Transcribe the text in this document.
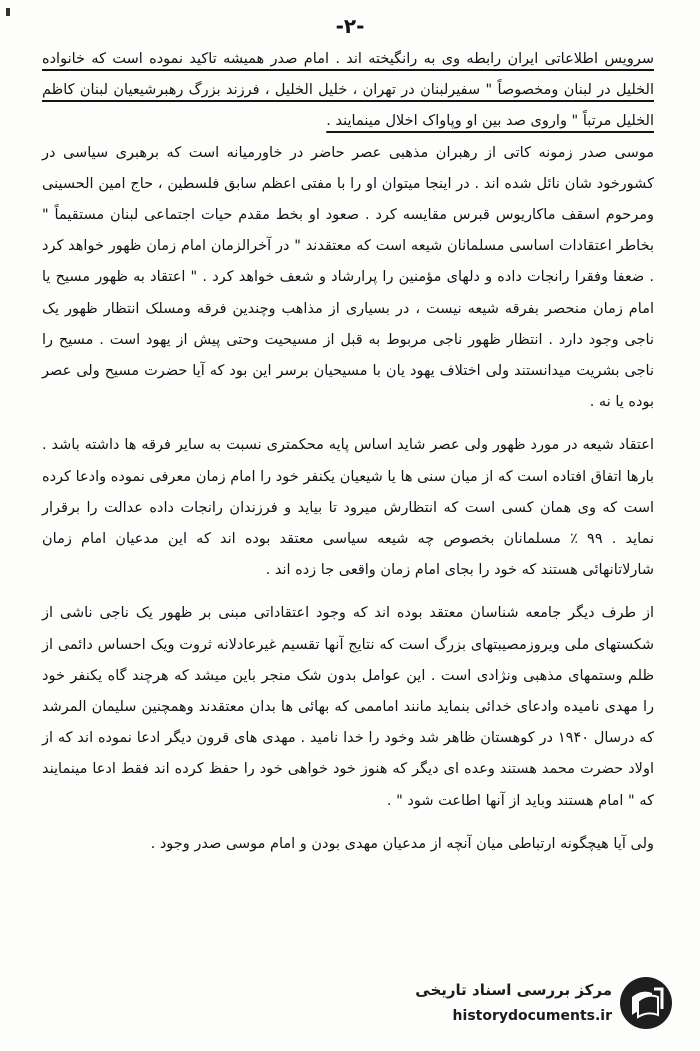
-۲-

سرویس اطلاعاتی ایران رابطه وی به رانگیخته اند . امام صدر همیشه تاکید نموده است که خانواده الخلیل در لبنان ومخصوصاً " سفیرلبنان در تهران ، خلیل الخلیل ، فرزند بزرگ رهبرشیعیان لبنان کاظم الخلیل مرتباً " واروی صد بین او وپاواک اخلال مینمایند .

موسی صدر زمونه کاتی از رهبران مذهبی عصر حاضر در خاورمیانه است که برهبری سیاسی در کشورخود شان نائل شده اند . در اینجا میتوان او را با مفتی اعظم سابق فلسطین ، حاج امین الحسینی ومرحوم اسقف ماکاریوس قبرس مقایسه کرد . صعود او بخط مقدم حیات اجتماعی لبنان مستقیماً " بخاطر اعتقادات اساسی مسلمانان شیعه است که معتقدند " در آخرالزمان امام زمان ظهور خواهد کرد . ضعفا وفقرا رانجات داده و دلهای مؤمنین را پرارشاد و شعف خواهد کرد . " اعتقاد به ظهور مسیح یا امام زمان منحصر بفرقه شیعه نیست ، در بسیاری از مذاهب وچندین فرقه ومسلک انتظار ظهور یک ناجی وجود دارد . انتظار ظهور ناجی مربوط به قبل از مسیحیت وحتی پیش از یهود است . مسیح را ناجی بشریت میدانستند ولی اختلاف یهود یان با مسیحیان برسر این بود که آیا حضرت مسیح ولی عصر بوده یا نه .

اعتقاد شیعه در مورد ظهور ولی عصر شاید اساس پایه محکمتری نسبت به سایر فرقه ها داشته باشد . بارها اتفاق افتاده است که از میان سنی ها یا شیعیان یکنفر خود را امام زمان معرفی نموده وادعا کرده است که وی همان کسی است که انتظارش میرود تا بیاید و فرزندان رانجات داده عدالت را برقرار نماید . ۹۹ ٪ مسلمانان بخصوص چه شیعه سیاسی معتقد بوده اند که این مدعیان امام زمان شارلاتانهائی هستند که خود را بجای امام زمان واقعی جا زده اند .

از طرف دیگر جامعه شناسان معتقد بوده اند که وجود اعتقاداتی مبنی بر ظهور یک ناجی ناشی از شکستهای ملی ویروزمصیبتهای بزرگ است که نتایج آنها تقسیم غیرعادلانه ثروت ویک احساس دائمی از ظلم وستمهای مذهبی ونژادی است . این عوامل بدون شک منجر باین میشد که هرچند گاه یکنفر خود را مهدی نامیده وادعای خدائی بنماید مانند اماممی که بهائی ها بدان معتقدند وهمچنین سلیمان المرشد که درسال ۱۹۴۰ در کوهستان ظاهر شد وخود را خدا نامید . مهدی های قرون دیگر ادعا نموده اند که از اولاد حضرت محمد هستند وعده ای دیگر که هنوز خود خواهی خود را حفظ کرده اند فقط ادعا مینمایند که " امام هستند وباید از آنها اطاعت شود " .

ولی آیا هیچگونه ارتباطی میان آنچه از مدعیان مهدی بودن و امام موسی صدر وجود .

مرکز بررسی اسناد تاریخی
historydocuments.ir
